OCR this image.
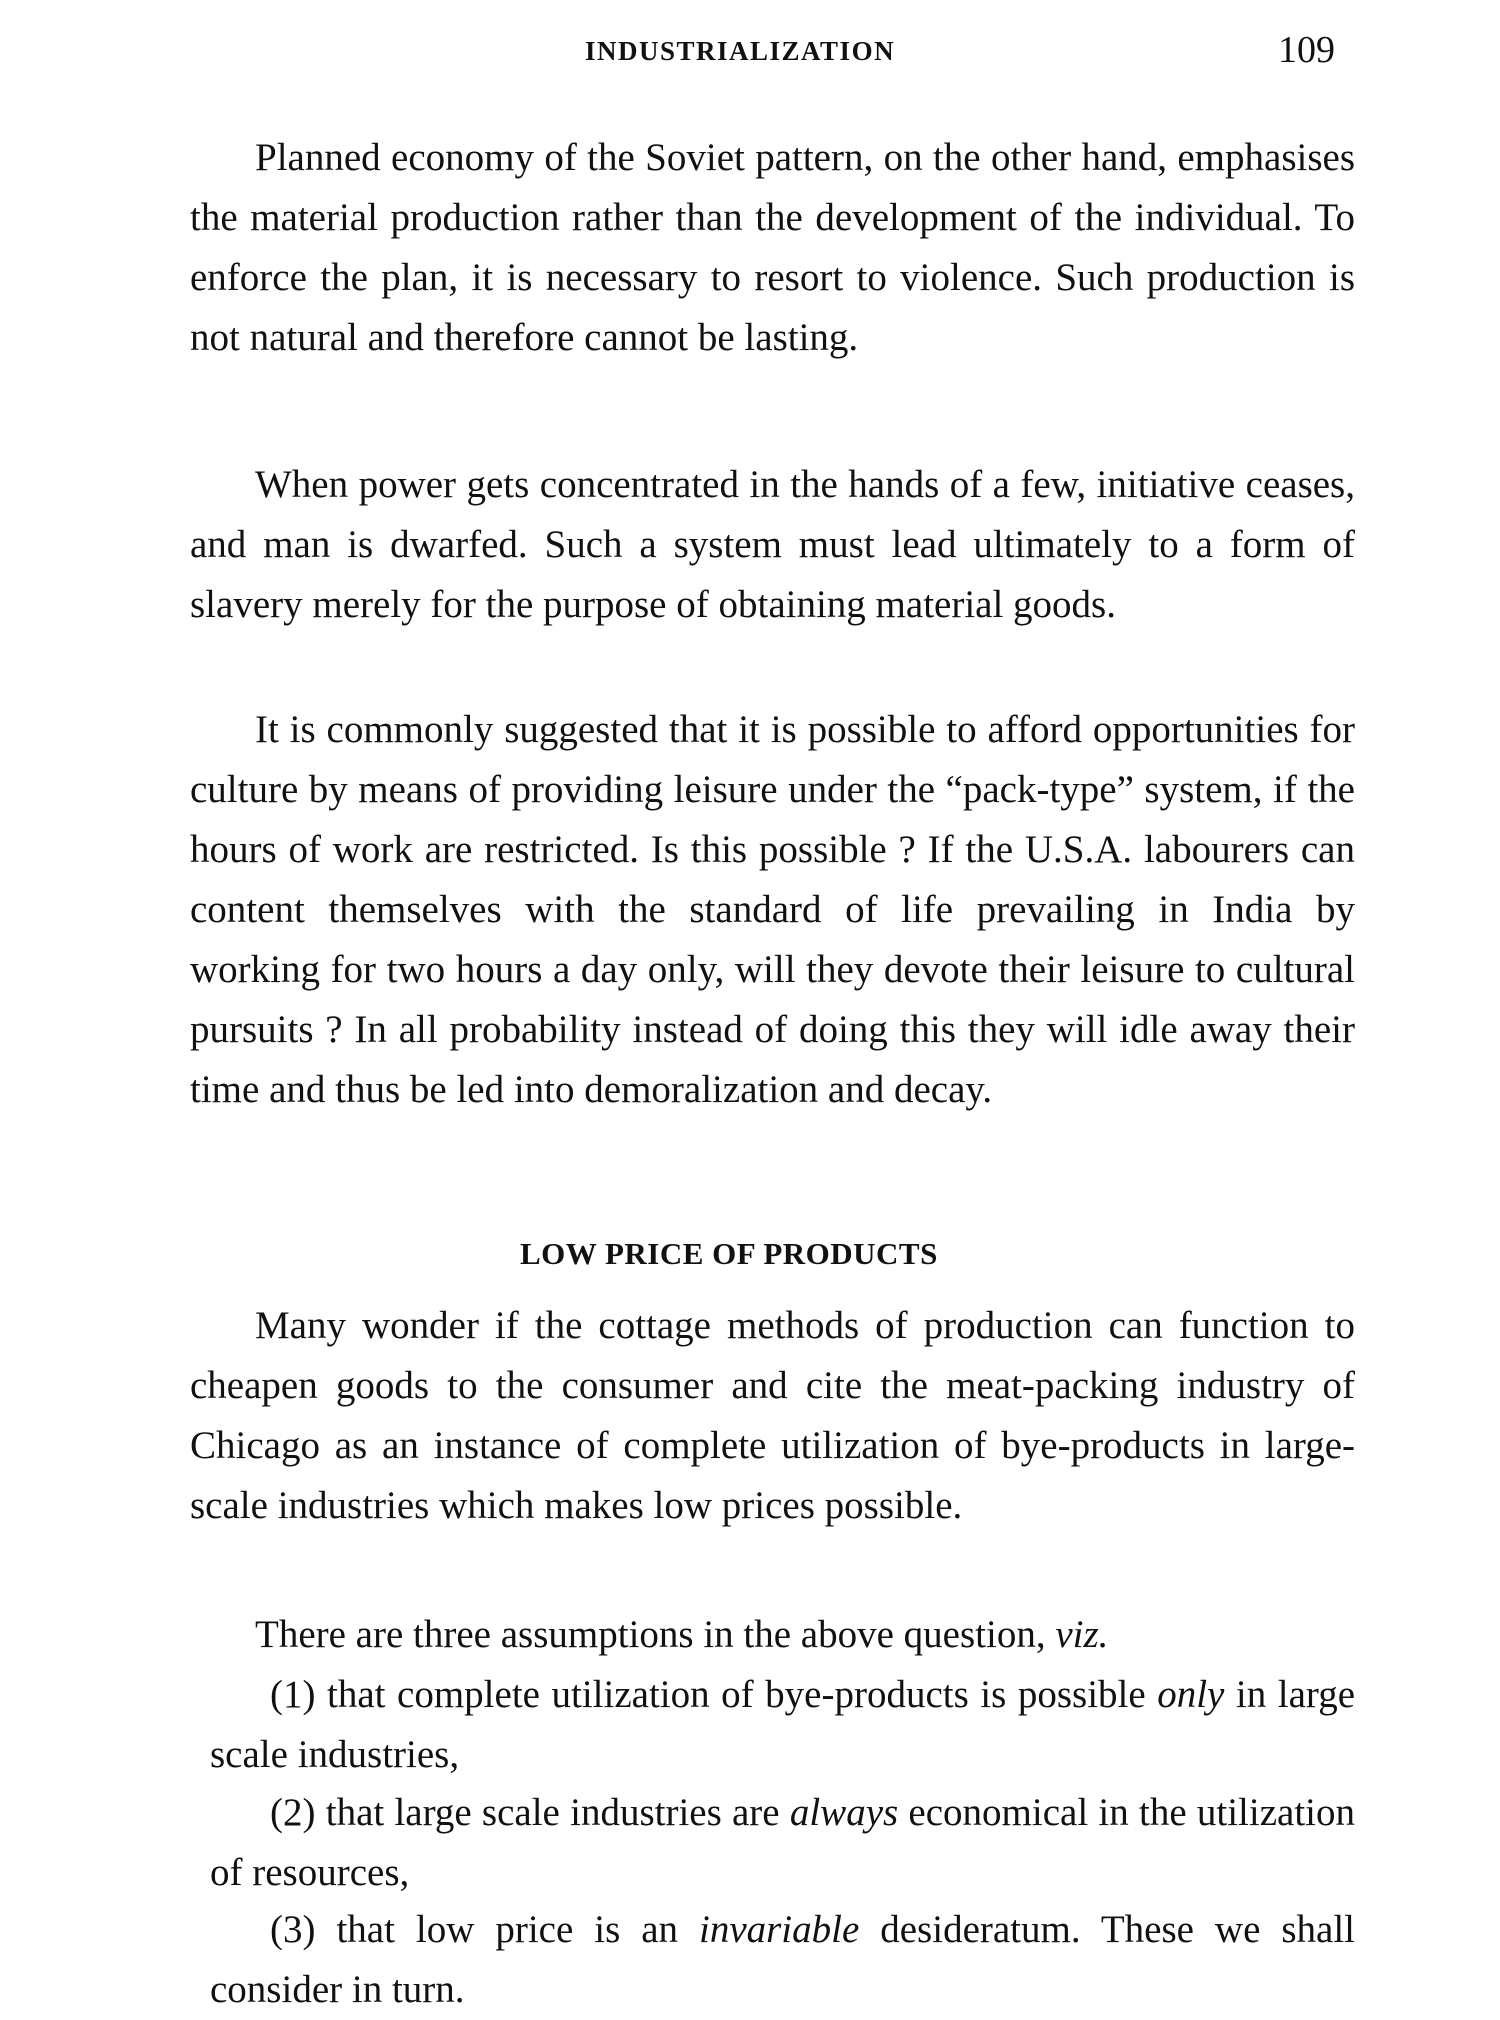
INDUSTRIALIZATION	109

Planned economy of the Soviet pattern, on the other hand, emphasises the material production rather than the development of the individual. To enforce the plan, it is necessary to resort to violence. Such production is not natural and therefore cannot be lasting.

When power gets concentrated in the hands of a few, initiative ceases, and man is dwarfed. Such a system must lead ultimately to a form of slavery merely for the purpose of obtaining material goods.

It is commonly suggested that it is possible to afford opportunities for culture by means of providing leisure under the “pack-type” system, if the hours of work are restricted. Is this possible ? If the U.S.A. labourers can content themselves with the standard of life prevailing in India by working for two hours a day only, will they devote their leisure to cultural pursuits ? In all probability instead of doing this they will idle away their time and thus be led into demoralization and decay.

LOW PRICE OF PRODUCTS

Many wonder if the cottage methods of production can function to cheapen goods to the consumer and cite the meat-packing industry of Chicago as an instance of complete utilization of bye-products in large-scale industries which makes low prices possible.

There are three assumptions in the above question, viz.

(1) that complete utilization of bye-products is possible only in large scale industries,

(2) that large scale industries are always economical in the utilization of resources,

(3) that low price is an invariable desideratum. These we shall consider in turn.
